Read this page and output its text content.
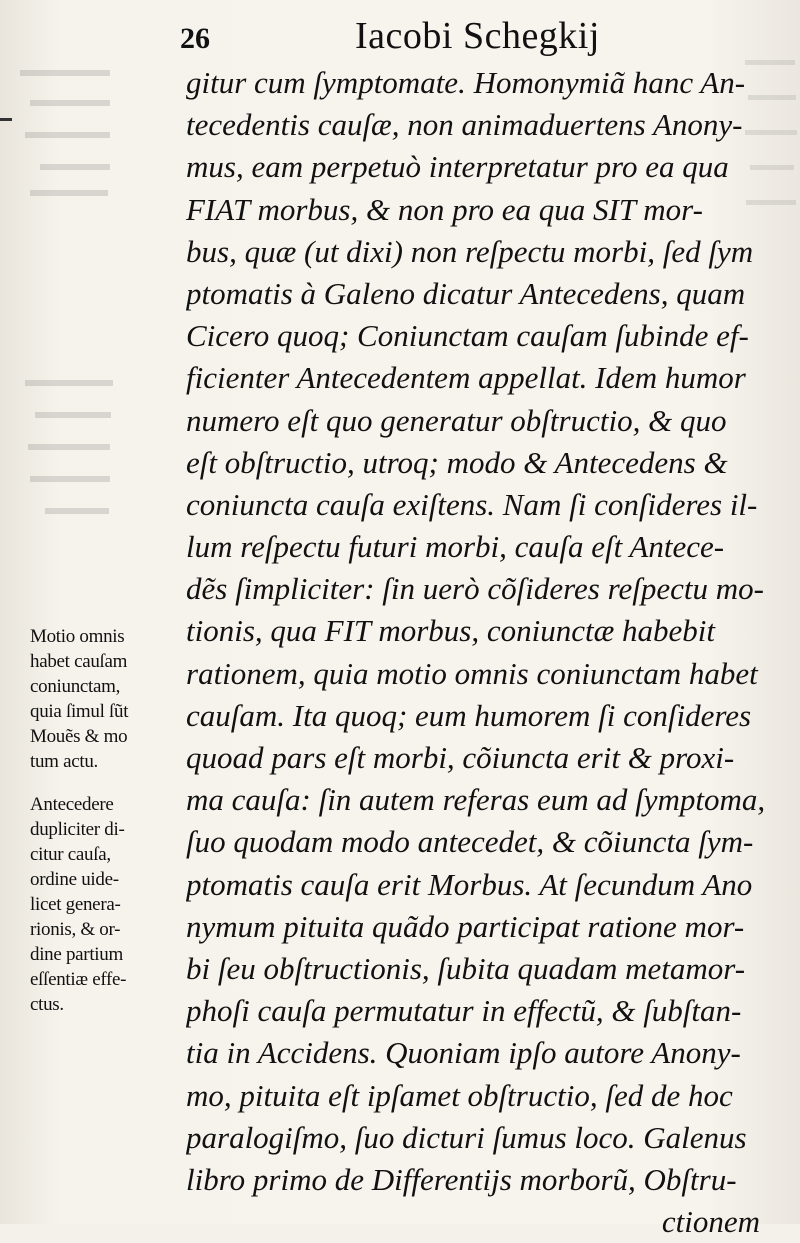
26	Iacobi Schegkij
gitur cum ſymptomate. Homonymiã hanc An-
tecedentis cauſæ, non animaduertens Anony-
mus, eam perpetuò interpretatur pro ea qua
FIAT morbus, & non pro ea qua SIT mor-
bus, quæ (ut dixi) non reſpectu morbi, ſed ſym
ptomatis à Galeno dicatur Antecedens, quam
Cicero quoq; Coniunctam cauſam ſubinde ef-
ficienter Antecedentem appellat. Idem humor
numero eſt quo generatur obſtructio, & quo
eſt obſtructio, utroq; modo & Antecedens &
coniuncta cauſa exiſtens. Nam ſi conſideres il-
lum reſpectu futuri morbi, cauſa eſt Antece-
dẽs ſimpliciter: ſin uerò cõſideres reſpectu mo-
tionis, qua FIT morbus, coniunctæ habebit
rationem, quia motio omnis coniunctam habet
cauſam. Ita quoq; eum humorem ſi conſideres
quoad pars eſt morbi, cõiuncta erit & proxi-
ma cauſa: ſin autem referas eum ad ſymptoma,
ſuo quodam modo antecedet, & cõiuncta ſym-
ptomatis cauſa erit Morbus. At ſecundum Ano
nymum pituita quãdo participat ratione mor-
bi ſeu obſtructionis, ſubita quadam metamor-
phoſi cauſa permutatur in effectũ, & ſubſtan-
tia in Accidens. Quoniam ipſo autore Anony-
mo, pituita eſt ipſamet obſtructio, ſed de hoc
paralogiſmo, ſuo dicturi ſumus loco. Galenus
libro primo de Differentijs morborũ, Obſtru-
ctionem
Motio omnis
habet cauſam
coniunctam,
quia ſimul ſũt
Mouẽs & mo
tum actu.
Antecedere
dupliciter di-
citur cauſa,
ordine uide-
licet genera-
rionis, & or-
dine partium
eſſentiæ effe-
ctus.
